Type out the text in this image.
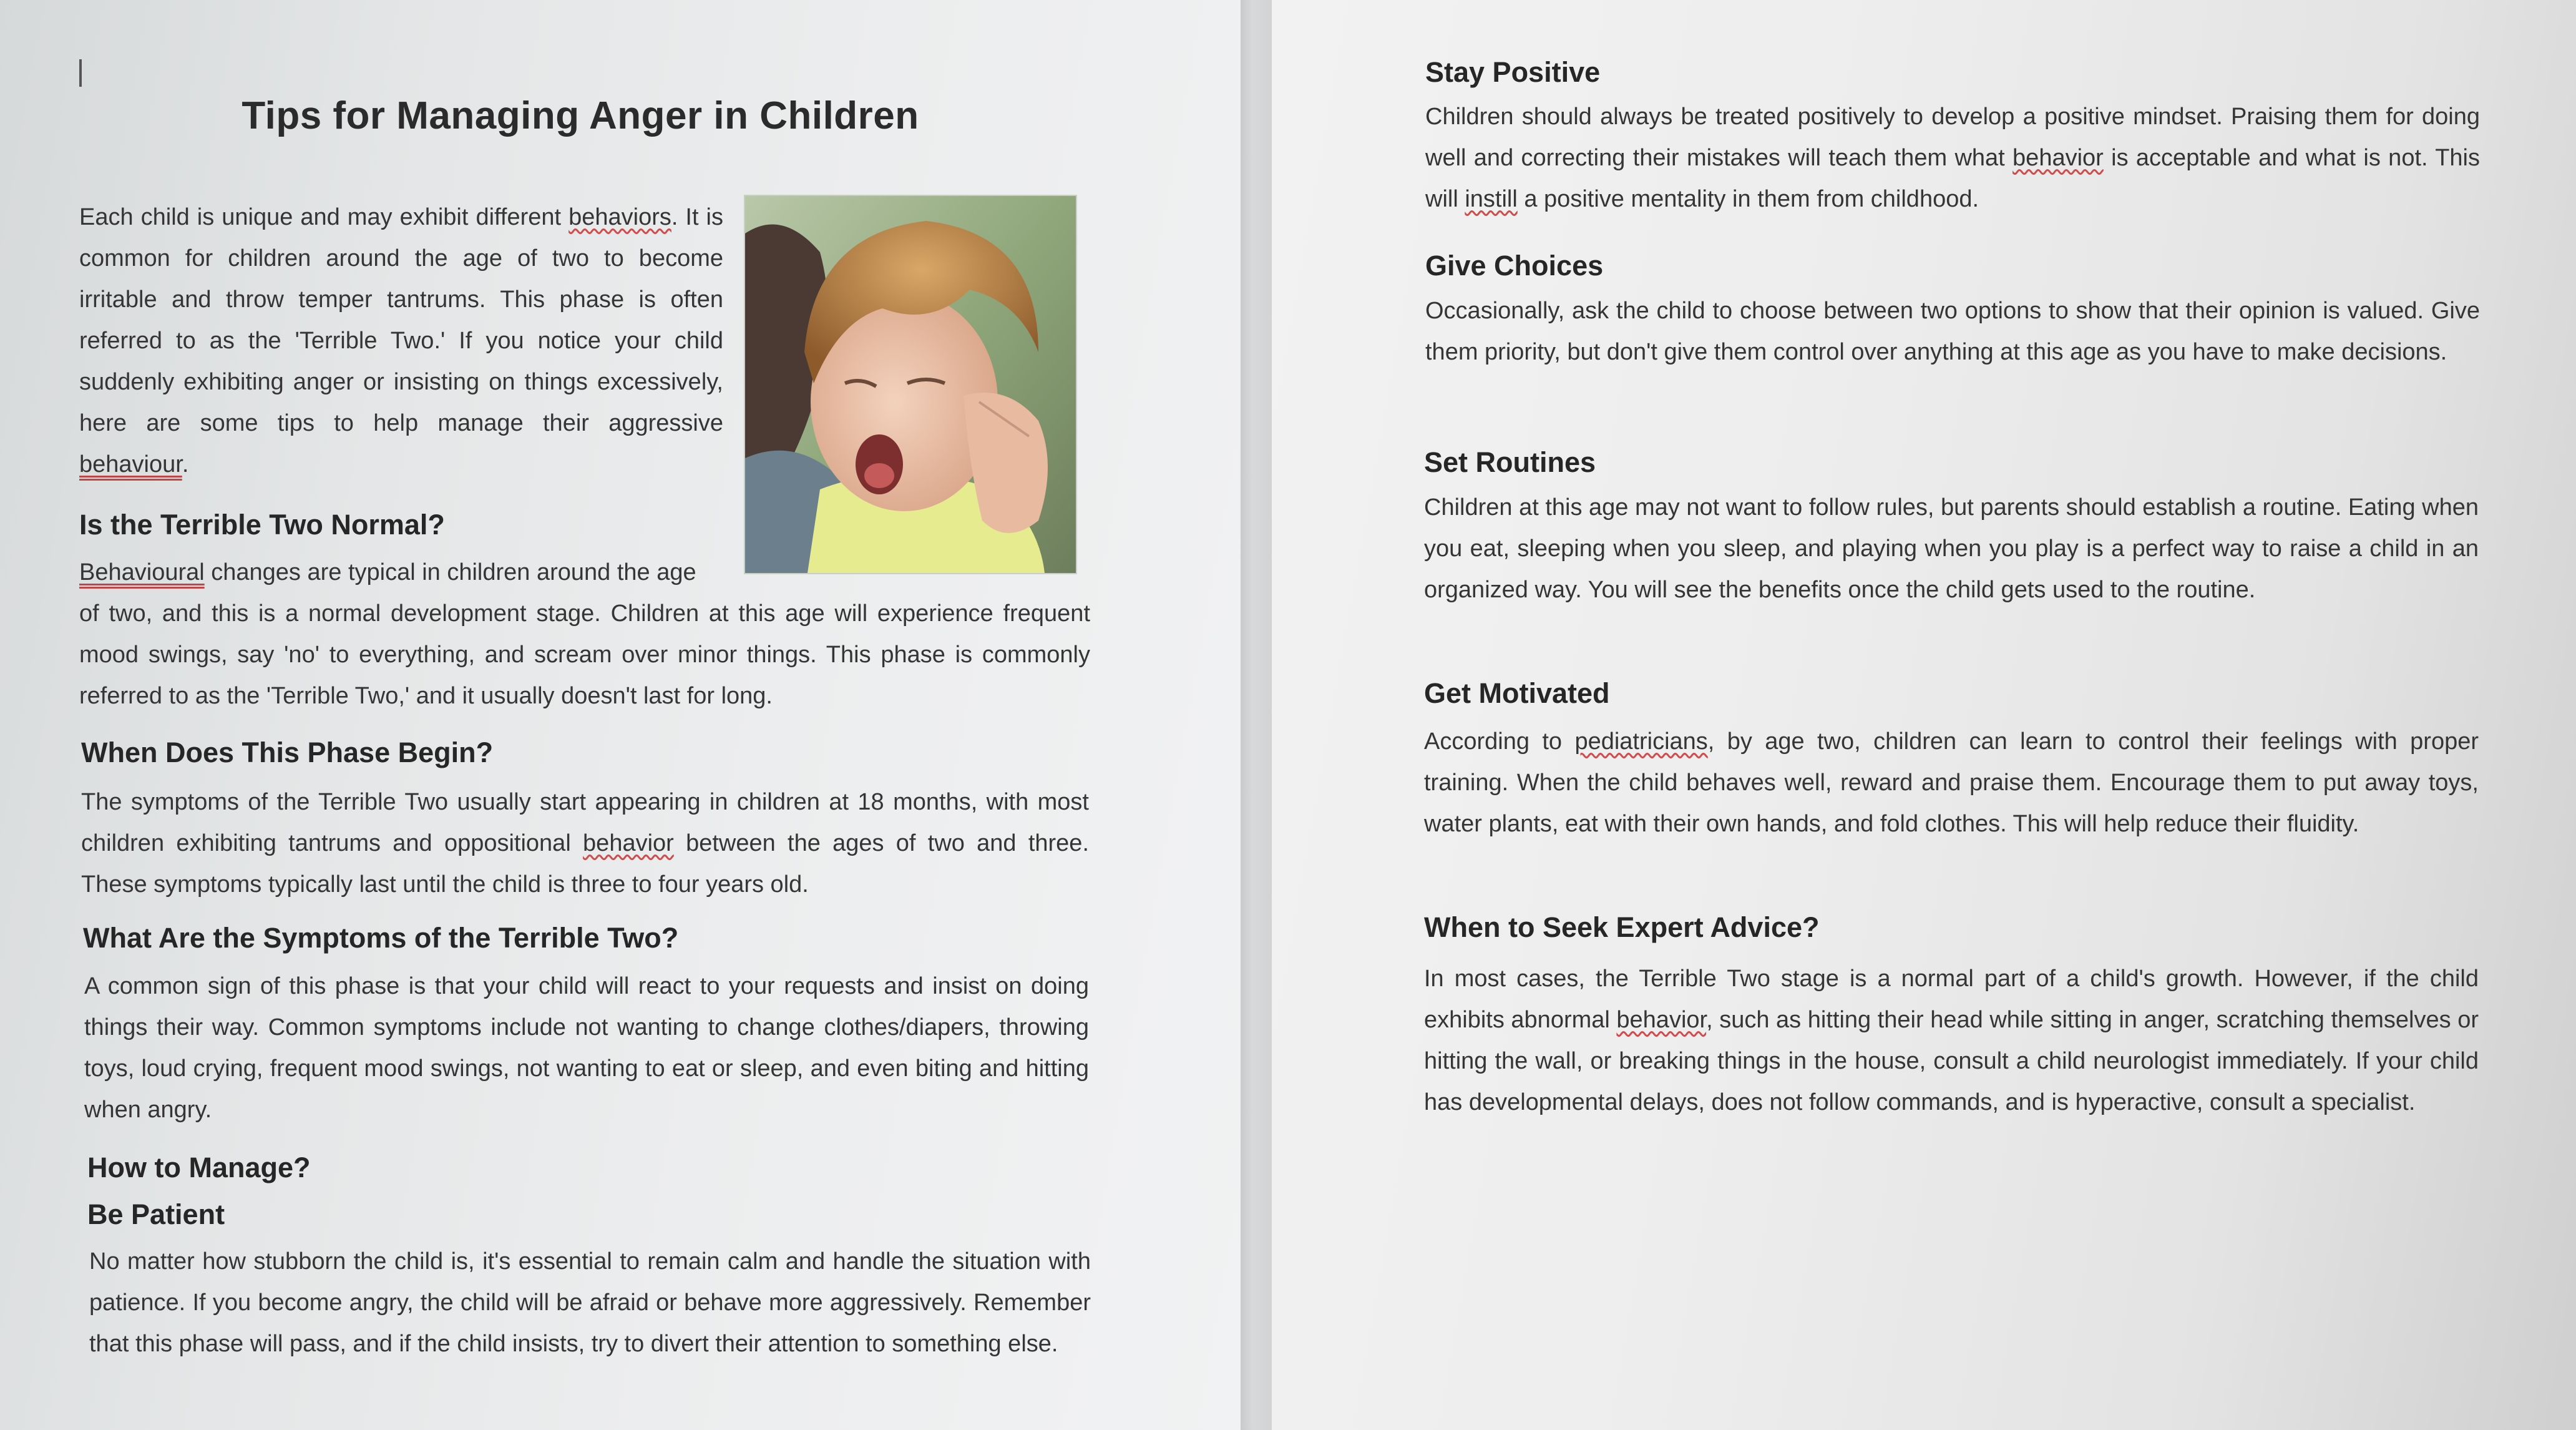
Tips for Managing Anger in Children

Each child is unique and may exhibit different behaviors. It is common for children around the age of two to become irritable and throw temper tantrums. This phase is often referred to as the 'Terrible Two.' If you notice your child suddenly exhibiting anger or insisting on things excessively, here are some tips to help manage their aggressive behaviour.

Is the Terrible Two Normal?

Behavioural changes are typical in children around the age

of two, and this is a normal development stage. Children at this age will experience frequent mood swings, say 'no' to everything, and scream over minor things. This phase is commonly referred to as the 'Terrible Two,' and it usually doesn't last for long.

When Does This Phase Begin?

The symptoms of the Terrible Two usually start appearing in children at 18 months, with most children exhibiting tantrums and oppositional behavior between the ages of two and three. These symptoms typically last until the child is three to four years old.

What Are the Symptoms of the Terrible Two?

A common sign of this phase is that your child will react to your requests and insist on doing things their way. Common symptoms include not wanting to change clothes/diapers, throwing toys, loud crying, frequent mood swings, not wanting to eat or sleep, and even biting and hitting when angry.

How to Manage?
Be Patient

No matter how stubborn the child is, it's essential to remain calm and handle the situation with patience. If you become angry, the child will be afraid or behave more aggressively. Remember that this phase will pass, and if the child insists, try to divert their attention to something else.

Stay Positive

Children should always be treated positively to develop a positive mindset. Praising them for doing well and correcting their mistakes will teach them what behavior is acceptable and what is not. This will instill a positive mentality in them from childhood.

Give Choices

Occasionally, ask the child to choose between two options to show that their opinion is valued. Give them priority, but don't give them control over anything at this age as you have to make decisions.

Set Routines

Children at this age may not want to follow rules, but parents should establish a routine. Eating when you eat, sleeping when you sleep, and playing when you play is a perfect way to raise a child in an organized way. You will see the benefits once the child gets used to the routine.

Get Motivated

According to pediatricians, by age two, children can learn to control their feelings with proper training. When the child behaves well, reward and praise them. Encourage them to put away toys, water plants, eat with their own hands, and fold clothes. This will help reduce their fluidity.

When to Seek Expert Advice?

In most cases, the Terrible Two stage is a normal part of a child's growth. However, if the child exhibits abnormal behavior, such as hitting their head while sitting in anger, scratching themselves or hitting the wall, or breaking things in the house, consult a child neurologist immediately. If your child has developmental delays, does not follow commands, and is hyperactive, consult a specialist.
